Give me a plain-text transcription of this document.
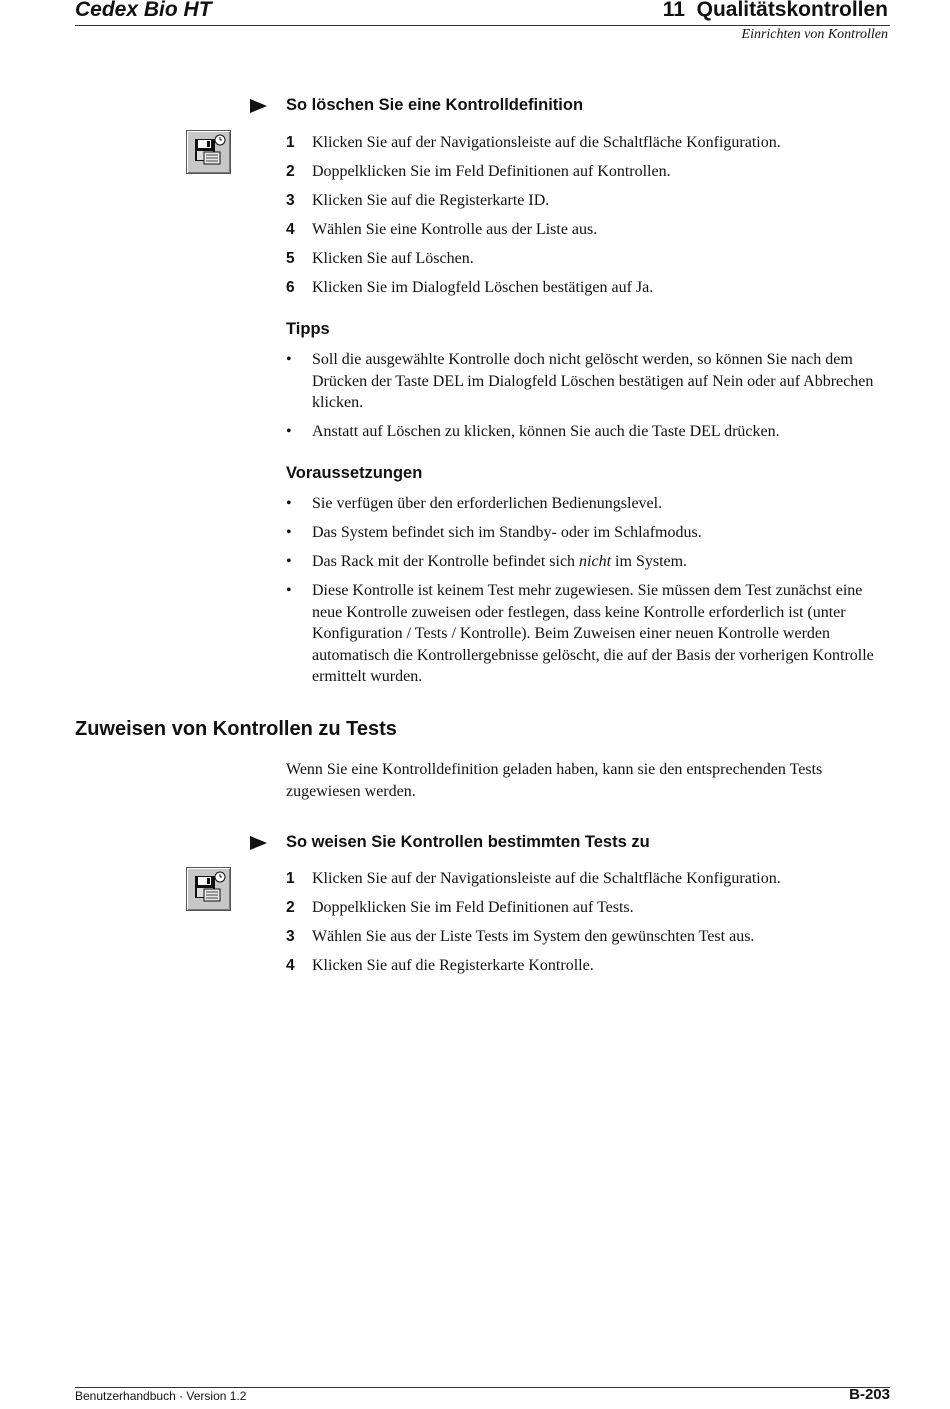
Cedex Bio HT	11  Qualitätskontrollen
Einrichten von Kontrollen
So löschen Sie eine Kontrolldefinition
1	Klicken Sie auf der Navigationsleiste auf die Schaltfläche Konfiguration.
2	Doppelklicken Sie im Feld Definitionen auf Kontrollen.
3	Klicken Sie auf die Registerkarte ID.
4	Wählen Sie eine Kontrolle aus der Liste aus.
5	Klicken Sie auf Löschen.
6	Klicken Sie im Dialogfeld Löschen bestätigen auf Ja.
Tipps
• Soll die ausgewählte Kontrolle doch nicht gelöscht werden, so können Sie nach dem Drücken der Taste DEL im Dialogfeld Löschen bestätigen auf Nein oder auf Abbrechen klicken.
• Anstatt auf Löschen zu klicken, können Sie auch die Taste DEL drücken.
Voraussetzungen
• Sie verfügen über den erforderlichen Bedienungslevel.
• Das System befindet sich im Standby- oder im Schlafmodus.
• Das Rack mit der Kontrolle befindet sich nicht im System.
• Diese Kontrolle ist keinem Test mehr zugewiesen. Sie müssen dem Test zunächst eine neue Kontrolle zuweisen oder festlegen, dass keine Kontrolle erforderlich ist (unter Konfiguration / Tests / Kontrolle). Beim Zuweisen einer neuen Kontrolle werden automatisch die Kontrollergebnisse gelöscht, die auf der Basis der vorherigen Kontrolle ermittelt wurden.
Zuweisen von Kontrollen zu Tests
Wenn Sie eine Kontrolldefinition geladen haben, kann sie den entsprechenden Tests zugewiesen werden.
So weisen Sie Kontrollen bestimmten Tests zu
1	Klicken Sie auf der Navigationsleiste auf die Schaltfläche Konfiguration.
2	Doppelklicken Sie im Feld Definitionen auf Tests.
3	Wählen Sie aus der Liste Tests im System den gewünschten Test aus.
4	Klicken Sie auf die Registerkarte Kontrolle.
Benutzerhandbuch · Version 1.2	B-203
